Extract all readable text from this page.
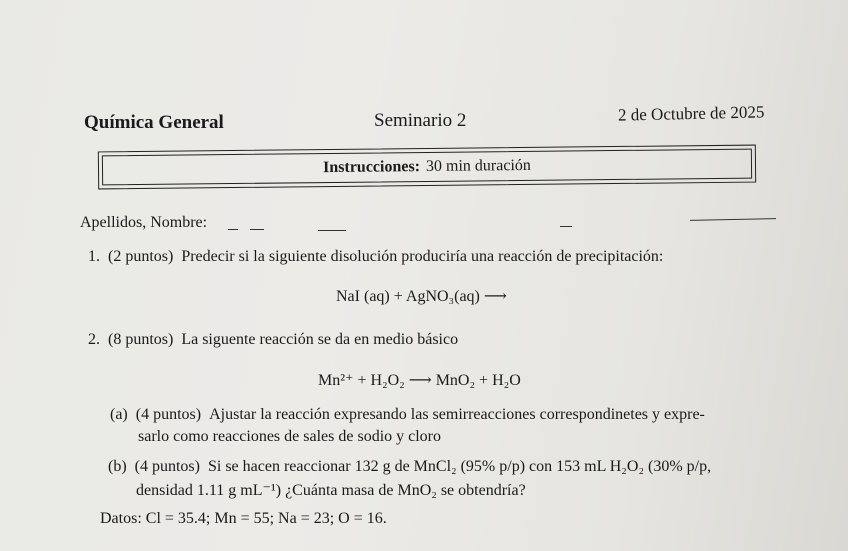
Química General	Seminario 2	2 de Octubre de 2025
Instrucciones: 30 min duración
Apellidos, Nombre:
1. (2 puntos) Predecir si la siguiente disolución produciría una reacción de precipitación:
NaI (aq) + AgNO₃(aq) ⟶
2. (8 puntos) La siguente reacción se da en medio básico
Mn²⁺ + H₂O₂ ⟶ MnO₂ + H₂O
(a) (4 puntos) Ajustar la reacción expresando las semirreacciones correspondinetes y expre-
sarlo como reacciones de sales de sodio y cloro
(b) (4 puntos) Si se hacen reaccionar 132 g de MnCl₂ (95% p/p) con 153 mL H₂O₂ (30% p/p,
densidad 1.11 g mL⁻¹) ¿Cuánta masa de MnO₂ se obtendría?
Datos: Cl = 35.4; Mn = 55; Na = 23; O = 16.
